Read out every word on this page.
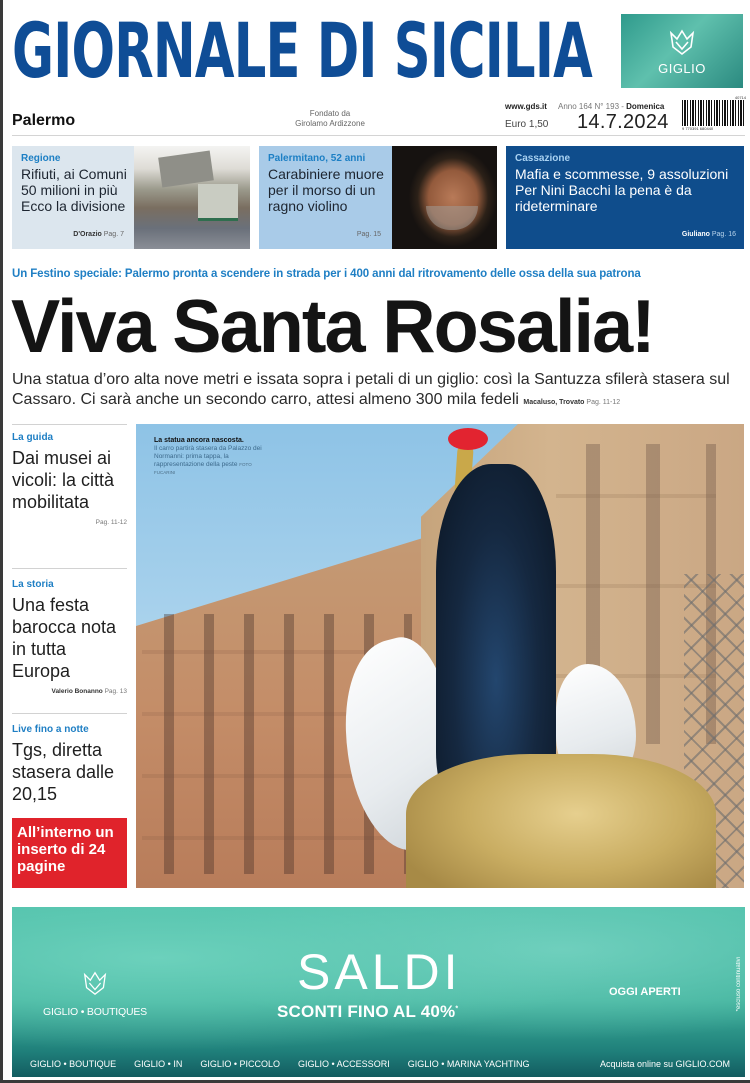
GIORNALE DI SICILIA	GIGLIO
Palermo	Fondato da
Girolamo Ardizzone
www.gds.it
Euro 1,50
Anno 164 N° 193 - Domenica
14.7.2024
40714
9 770391 680440
Regione
Rifiuti, ai Comuni 50 milioni in più Ecco la divisione
D'Orazio Pag. 7
Palermitano, 52 anni
Carabiniere muore per il morso di un ragno violino
Pag. 15
Cassazione
Mafia e scommesse, 9 assoluzioni Per Nini Bacchi la pena è da rideterminare
Giuliano Pag. 16
Un Festino speciale: Palermo pronta a scendere in strada per i 400 anni dal ritrovamento delle ossa della sua patrona
Viva Santa Rosalia!
Una statua d’oro alta nove metri e issata sopra i petali di un giglio: così la Santuzza sfilerà stasera sul Cassaro. Ci sarà anche un secondo carro, attesi almeno 300 mila fedeli Macaluso, Trovato Pag. 11-12
La guida
Dai musei ai vicoli: la città mobilitata
Pag. 11-12
La storia
Una festa barocca nota in tutta Europa
Valerio Bonanno Pag. 13
Live fino a notte
Tgs, diretta stasera dalle 20,15
All’interno un inserto di 24 pagine
La statua ancora nascosta.
Il carro partirà stasera da Palazzo dei Normanni: prima tappa, la rappresentazione della peste FOTO FUCARINI
GIGLIO • BOUTIQUES
SALDI
SCONTI FINO AL 40%*
OGGI APERTI	*escluso continuativi
GIGLIO • BOUTIQUE GIGLIO • IN GIGLIO • PICCOLO GIGLIO • ACCESSORI GIGLIO • MARINA YACHTING	Acquista online su GIGLIO.COM
